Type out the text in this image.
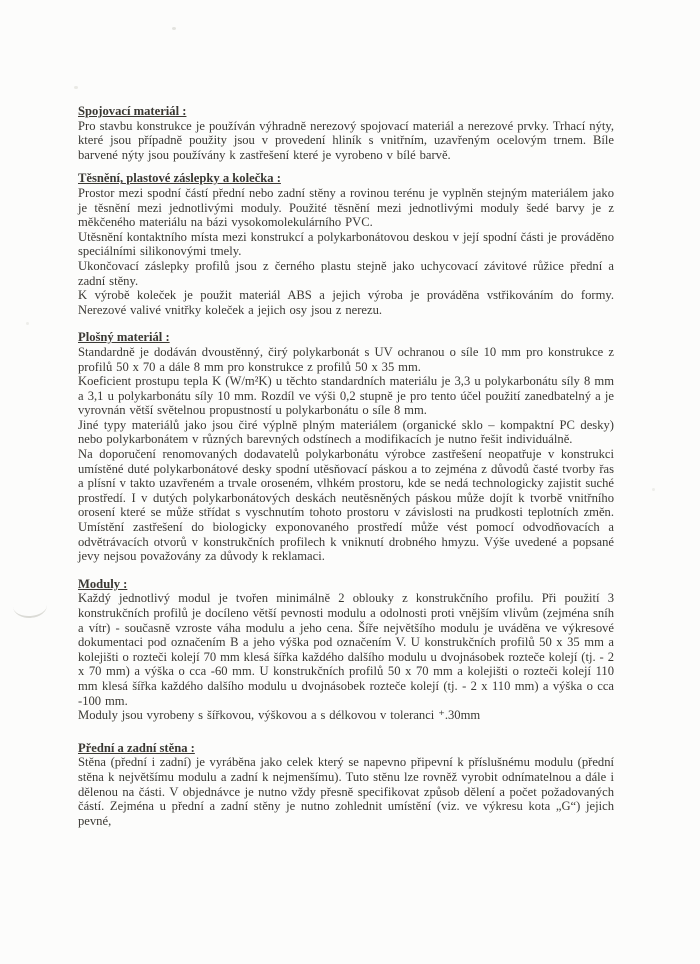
Spojovací materiál :

Pro stavbu konstrukce je používán výhradně nerezový spojovací materiál a nerezové prvky. Trhací nýty, které jsou případně použity jsou v provedení hliník s vnitřním, uzavřeným ocelovým trnem. Bíle barvené nýty jsou používány k zastřešení které je vyrobeno v bílé barvě.

Těsnění, plastové záslepky a kolečka :

Prostor mezi spodní částí přední nebo zadní stěny a rovinou terénu je vyplněn stejným materiálem jako je těsnění mezi jednotlivými moduly. Použité těsnění mezi jednotlivými moduly šedé barvy je z měkčeného materiálu na bázi vysokomolekulárního PVC.

Utěsnění kontaktního místa mezi konstrukcí a polykarbonátovou deskou v její spodní části je prováděno speciálními silikonovými tmely.

Ukončovací záslepky profilů jsou z černého plastu stejně jako uchycovací závitové růžice přední a zadní stěny.

K výrobě koleček je použit materiál ABS a jejich výroba je prováděna vstřikováním do formy. Nerezové valivé vnitřky koleček a jejich osy jsou z nerezu.

Plošný materiál :

Standardně je dodáván dvoustěnný, čirý polykarbonát s UV ochranou o síle 10 mm pro konstrukce z profilů 50 x 70 a dále 8 mm pro konstrukce z profilů 50 x 35 mm.

Koeficient prostupu tepla K (W/m²K) u těchto standardních materiálu je 3,3 u polykarbonátu síly 8 mm a 3,1 u polykarbonátu síly 10 mm. Rozdíl ve výši 0,2 stupně je pro tento účel použití zanedbatelný a je vyrovnán větší světelnou propustností u polykarbonátu o síle 8 mm.

Jiné typy materiálů jako jsou čiré výplně plným materiálem (organické sklo – kompaktní PC desky) nebo polykarbonátem v různých barevných odstínech a modifikacích je nutno řešit individuálně.

Na doporučení renomovaných dodavatelů polykarbonátu výrobce zastřešení neopatřuje v konstrukci umístěné duté polykarbonátové desky spodní utěsňovací páskou a to zejména z důvodů časté tvorby řas a plísní v takto uzavřeném a trvale oroseném, vlhkém prostoru, kde se nedá technologicky zajistit suché prostředí. I v dutých polykarbonátových deskách neutěsněných páskou může dojít k tvorbě vnitřního orosení které se může střídat s vyschnutím tohoto prostoru v závislosti na prudkosti teplotních změn. Umístění zastřešení do biologicky exponovaného prostředí může vést pomocí odvodňovacích a odvětrávacích otvorů v konstrukčních profilech k vniknutí drobného hmyzu. Výše uvedené a popsané jevy nejsou považovány za důvody k reklamaci.

Moduly :

Každý jednotlivý modul je tvořen minimálně 2 oblouky z konstrukčního profilu. Při použití 3 konstrukčních profilů je docíleno větší pevnosti modulu a odolnosti proti vnějším vlivům (zejména sníh a vítr) - současně vzroste váha modulu a jeho cena. Šíře největšího modulu je uváděna ve výkresové dokumentaci pod označením B a jeho výška pod označením V. U konstrukčních profilů 50 x 35 mm a kolejišti o rozteči kolejí 70 mm klesá šířka každého dalšího modulu u dvojnásobek rozteče kolejí (tj. - 2 x 70 mm) a výška o cca -60 mm. U konstrukčních profilů 50 x 70 mm a kolejišti o rozteči kolejí 110 mm klesá šířka každého dalšího modulu u dvojnásobek rozteče kolejí (tj. - 2 x 110 mm) a výška o cca -100 mm.

Moduly jsou vyrobeny s šířkovou, výškovou a s délkovou v toleranci ⁺.30mm

Přední a zadní stěna :

Stěna (přední i zadní) je vyráběna jako celek který se napevno připevní k příslušnému modulu (přední stěna k největšímu modulu a zadní k nejmenšímu). Tuto stěnu lze rovněž vyrobit odnímatelnou a dále i dělenou na části. V objednávce je nutno vždy přesně specifikovat způsob dělení a počet požadovaných částí. Zejména u přední a zadní stěny je nutno zohlednit umístění (viz. ve výkresu kota „G“) jejich pevné,
